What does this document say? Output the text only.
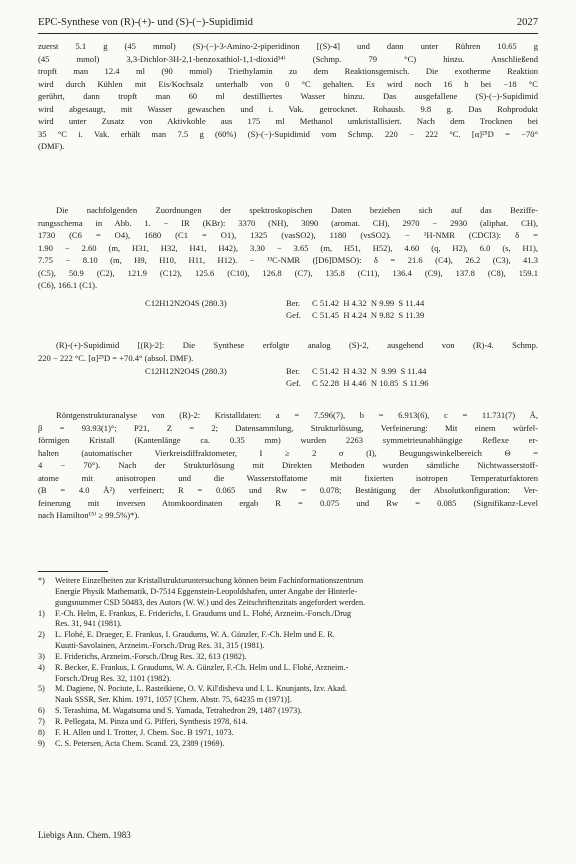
EPC-Synthese von (R)-(+)- und (S)-(−)-Supidimid	2027
zuerst 5.1 g (45 mmol) (S)-(−)-3-Amino-2-piperidinon [(S)-4] und dann unter Rühren 10.65 g
(45 mmol) 3,3-Dichlor-3H-2,1-benzoxathiol-1,1-dioxid¹⁴⁾ (Schmp. 79 °C) hinzu. Anschließend
tropft man 12.4 ml (90 mmol) Triethylamin zu dem Reaktionsgemisch. Die exotherme Reaktion
wird durch Kühlen mit Eis/Kochsalz unterhalb von 0 °C gehalten. Es wird noch 16 h bei −18 °C
gerührt, dann tropft man 60 ml destilliertes Wasser hinzu. Das ausgefallene (S)-(−)-Supidimid
wird abgesaugt, mit Wasser gewaschen und i. Vak. getrocknet. Rohausb. 9.8 g. Das Rohprodukt
wird unter Zusatz von Aktivkohle aus 175 ml Methanol umkristallisiert. Nach dem Trocknen bei
35 °C i. Vak. erhält man 7.5 g (60%) (S)-(−)-Supidimid vom Schmp. 220 − 222 °C. [α]²⁵D = −70°
(DMF).
Die nachfolgenden Zuordnungen der spektroskopischen Daten beziehen sich auf das Beziffe-
rungsschema in Abb. 1. − IR (KBr): 3370 (NH), 3090 (aromat. CH), 2970 − 2930 (aliphat. CH),
1730 (C6 = O4), 1680 (C1 = O1), 1325 (vasSO2), 1180 (vsSO2). − ¹H-NMR (CDCl3): δ =
1.90 − 2.60 (m, H31, H32, H41, H42), 3.30 − 3.65 (m, H51, H52), 4.60 (q, H2), 6.0 (s, H1),
7.75 − 8.10 (m, H9, H10, H11, H12). − ¹³C-NMR ([D6]DMSO): δ = 21.6 (C4), 26.2 (C3), 41.3
(C5), 50.9 (C2), 121.9 (C12), 125.6 (C10), 126.8 (C7), 135.8 (C11), 136.4 (C9), 137.8 (C8), 159.1
(C6), 166.1 (C1).
C12H12N2O4S (280.3)	Ber. C 51.42  H 4.32  N 9.99  S 11.44
Gef. C 51.45  H 4.24  N 9.82  S 11.39
(R)-(+)-Supidimid [(R)-2]: Die Synthese erfolgte analog (S)-2, ausgehend von (R)-4. Schmp.
220 − 222 °C. [α]²⁵D = +70.4° (absol. DMF).
C12H12N2O4S (280.3)	Ber. C 51.42  H 4.32  N  9.99  S 11.44
Gef. C 52.28  H 4.46  N 10.85  S 11.96
Röntgenstrukturanalyse von (R)-2: Kristalldaten: a = 7.596(7), b = 6.913(6), c = 11.731(7) Å,
β = 93.93(1)°; P21, Z = 2; Datensammlung, Strukturlösung, Verfeinerung: Mit einem würfel-
förmigen Kristall (Kantenlänge ca. 0.35 mm) wurden 2263 symmetrieunabhängige Reflexe er-
halten (automatischer Vierkreisdiffraktometer, I ≥ 2 σ (I), Beugungswinkelbereich Θ =
4 − 70°). Nach der Strukturlösung mit Direkten Methoden wurden sämtliche Nichtwasserstoff-
atome mit anisotropen und die Wasserstoffatome mit fixierten isotropen Temperaturfaktoren
(B = 4.0 Å²) verfeinert; R = 0.065 und Rw = 0.078; Bestätigung der Absolutkonfiguration: Ver-
feinerung mit inversen Atomkoordinaten ergab R = 0.075 und Rw = 0.085 (Signifikanz-Level
nach Hamilton¹⁵⁾ ≥ 99.5%)*).
*)	Weitere Einzelheiten zur Kristallstrukturuntersuchung können beim Fachinformationszentrum
Energie Physik Mathematik, D-7514 Eggenstein-Leopoldshafen, unter Angabe der Hinterle-
gungsnummer CSD 50483, des Autors (W. W.) und des Zeitschriftenzitats angefordert werden.
1)	F.-Ch. Helm, E. Frankus, E. Friderichs, I. Graudums und L. Flohé, Arzneim.-Forsch./Drug
Res. 31, 941 (1981).
2)	L. Flohé, E. Draeger, E. Frankus, I. Graudums, W. A. Günzler, F.-Ch. Helm und E. R.
Kuutti-Savolainen, Arzneim.-Forsch./Drug Res. 31, 315 (1981).
3)	E. Friderichs, Arzneim.-Forsch./Drug Res. 32, 613 (1982).
4)	R. Becker, E. Frankus, I. Graudums, W. A. Günzler, F.-Ch. Helm und L. Flohé, Arzneim.-
Forsch./Drug Res. 32, 1101 (1982).
5)	M. Dagiene, N. Pociute, L. Rasteikiene, O. V. Kil'disheva und I. L. Knunjants, Izv. Akad.
Nauk SSSR, Ser. Khim. 1971, 1057 [Chem. Abstr. 75, 64235 m (1971)].
6)	S. Terashima, M. Wagatsuma und S. Yamada, Tetrahedron 29, 1487 (1973).
7)	R. Pellegata, M. Pinza und G. Pifferi, Synthesis 1978, 614.
8)	F. H. Allen und I. Trotter, J. Chem. Soc. B 1971, 1073.
9)	C. S. Petersen, Acta Chem. Scand. 23, 2389 (1969).
Liebigs Ann. Chem. 1983
